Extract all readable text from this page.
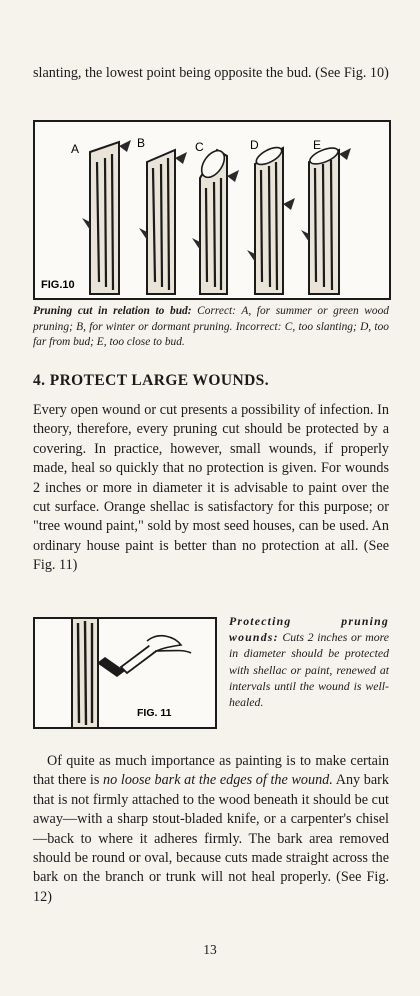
slanting, the lowest point being opposite the bud. (See Fig. 10)

A	B	C	D	E
FIG.10

Pruning cut in relation to bud: Correct: A, for summer or green wood pruning; B, for winter or dormant pruning. Incorrect: C, too slanting; D, too far from bud; E, too close to bud.

4. PROTECT LARGE WOUNDS.

Every open wound or cut presents a possibility of infection. In theory, therefore, every pruning cut should be protected by a covering. In practice, however, small wounds, if properly made, heal so quickly that no protection is given. For wounds 2 inches or more in diameter it is advisable to paint over the cut surface. Orange shellac is satisfactory for this purpose; or "tree wound paint," sold by most seed houses, can be used. An ordinary house paint is better than no protection at all. (See Fig. 11)

FIG. 11

Protecting pruning wounds: Cuts 2 inches or more in diameter should be protected with shellac or paint, renewed at intervals until the wound is well-healed.

Of quite as much importance as painting is to make certain that there is no loose bark at the edges of the wound. Any bark that is not firmly attached to the wood beneath it should be cut away—with a sharp stout-bladed knife, or a carpenter's chisel—back to where it adheres firmly. The bark area removed should be round or oval, because cuts made straight across the bark on the branch or trunk will not heal properly. (See Fig. 12)

13
